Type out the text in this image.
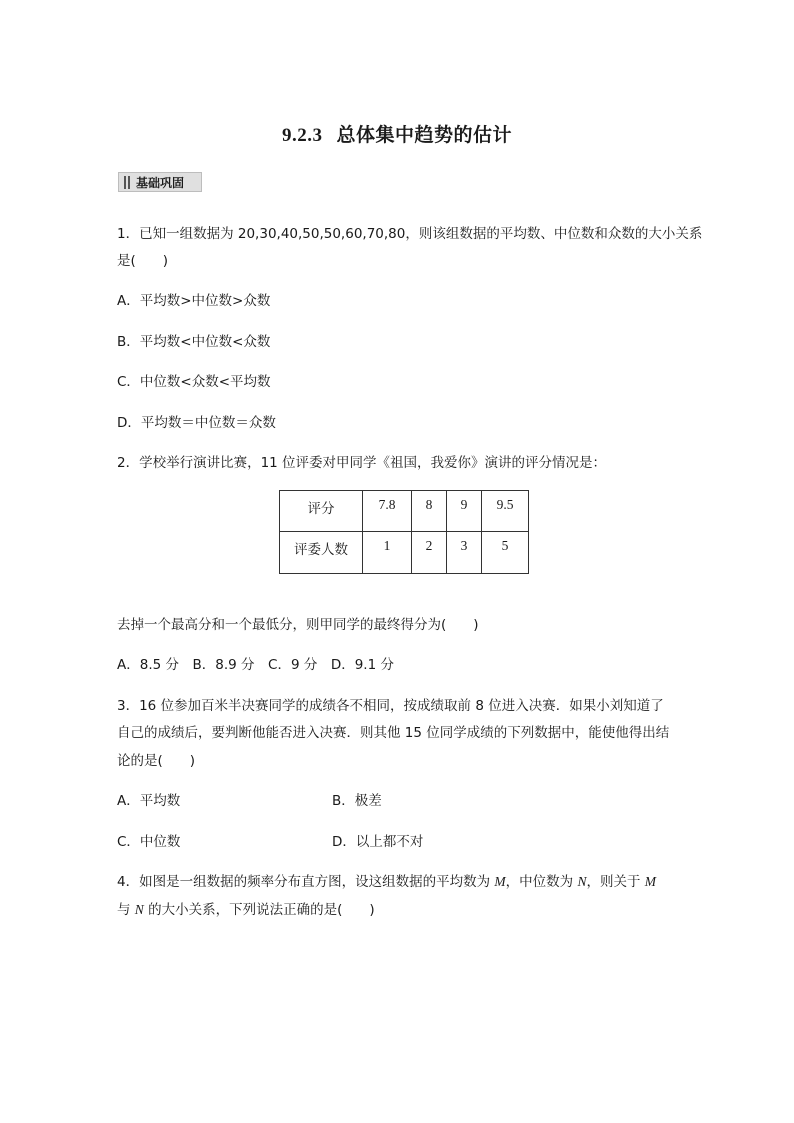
9.2.3 总体集中趋势的估计
基础巩固
1．已知一组数据为 20,30,40,50,50,60,70,80，则该组数据的平均数、中位数和众数的大小关系
是(　　)
A．平均数>中位数>众数
B．平均数<中位数<众数
C．中位数<众数<平均数
D．平均数＝中位数＝众数
2．学校举行演讲比赛，11 位评委对甲同学《祖国，我爱你》演讲的评分情况是：
评分	7.8	8	9	9.5
评委人数	1	2	3	5
去掉一个最高分和一个最低分，则甲同学的最终得分为(　　)
A．8.5 分　B．8.9 分　C．9 分　D．9.1 分
3．16 位参加百米半决赛同学的成绩各不相同，按成绩取前 8 位进入决赛．如果小刘知道了
自己的成绩后，要判断他能否进入决赛．则其他 15 位同学成绩的下列数据中，能使他得出结
论的是(　　)
A．平均数	B．极差
C．中位数	D．以上都不对
4．如图是一组数据的频率分布直方图，设这组数据的平均数为 M，中位数为 N，则关于 M
与 N 的大小关系，下列说法正确的是(　　)
